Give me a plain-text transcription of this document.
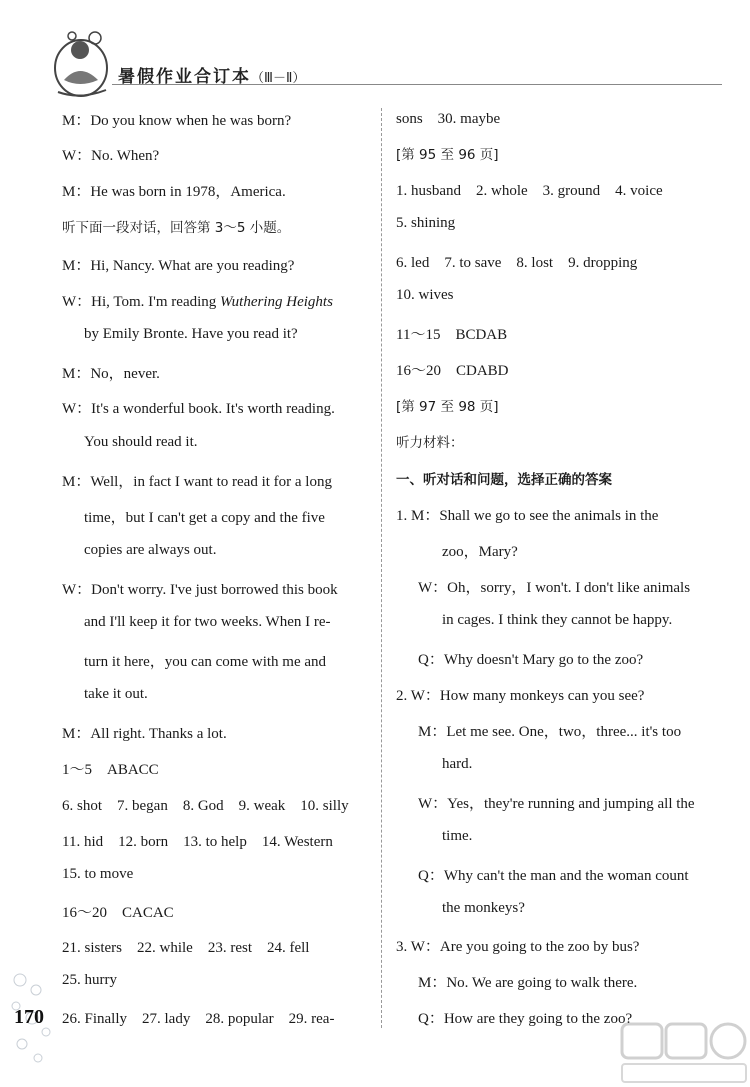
暑假作业合订本（Ⅲ－Ⅱ）
M：Do you know when he was born?
W：No. When?
M：He was born in 1978，America.
听下面一段对话，回答第 3～5 小题。
M：Hi, Nancy. What are you reading?
W：Hi, Tom. I'm reading Wuthering Heights
by Emily Bronte. Have you read it?
M：No，never.
W：It's a wonderful book. It's worth reading.
You should read it.
M：Well，in fact I want to read it for a long
time，but I can't get a copy and the five
copies are always out.
W：Don't worry. I've just borrowed this book
and I'll keep it for two weeks. When I re-
turn it here，you can come with me and
take it out.
M：All right. Thanks a lot.
1～5　ABACC
6. shot　7. began　8. God　9. weak　10. silly
11. hid　12. born　13. to help　14. Western
15. to move
16～20　CACAC
21. sisters　22. while　23. rest　24. fell
25. hurry
26. Finally　27. lady　28. popular　29. rea-
sons　30. maybe
[第 95 至 96 页]
1. husband　2. whole　3. ground　4. voice
5. shining
6. led　7. to save　8. lost　9. dropping
10. wives
11～15　BCDAB
16～20　CDABD
[第 97 至 98 页]
听力材料：
一、听对话和问题，选择正确的答案
1. M：Shall we go to see the animals in the
zoo，Mary?
W：Oh，sorry，I won't. I don't like animals
in cages. I think they cannot be happy.
Q：Why doesn't Mary go to the zoo?
2. W：How many monkeys can you see?
M：Let me see. One，two，three... it's too
hard.
W：Yes，they're running and jumping all the
time.
Q：Why can't the man and the woman count
the monkeys?
3. W：Are you going to the zoo by bus?
M：No. We are going to walk there.
Q：How are they going to the zoo?
170
